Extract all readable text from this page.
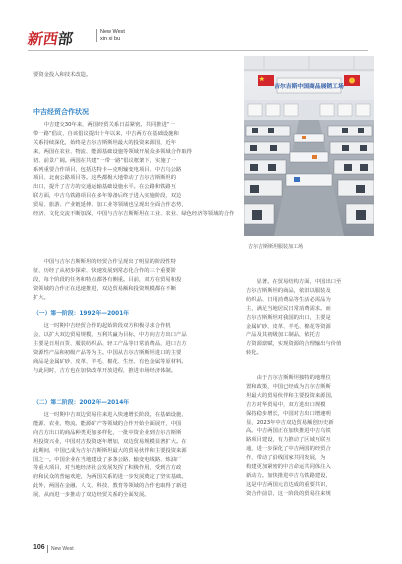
新西部	New West
xin xi bu
要资金投入和技术改造。
中吉经贸合作状况
　　中吉建交30年来，两国经贸关系日益紧密。共同推进“一
带一路”倡议，自该倡议提出十年以来，中吉两方在基础设施和
关系持续深化，始终是吉尔吉斯斯坦最大的投资来源国，近年
来，两国在农业、物流、能源基础设施等领域开展众多领域合作取得
切、前景广阔。两国在共建“一带一路”倡议框架下，实施了一
系列重要合作项目，包括达特卡—克明输变电项目、中吉乌公路
项目、北南公路项目等。这些都极大地带动了吉尔吉斯斯坦的
出口，提升了吉方的交通运输基础设施水平。在公路和铁路互
联方面，中吉乌铁路项目在多年筹备后终于进入实施阶段，双边
贸易、旅游、产业链延伸、加工业等领域也呈现出全面合作态势，
经济、文化交流不断加深，中国与吉尔吉斯斯坦在工业、农业、绿色经济等领域的合作
吉尔吉斯中国商品展销工场
吉尔吉斯斯坦服装加工场
　　中国与吉尔吉斯斯坦的经贸合作呈现出了明显的阶段性特
征，历经了从初步探索、快速发展到常态化合作的三个重要阶
段，每个阶段的任务和特点都各有侧重。目前，双方在贸易和投
资领域的合作正在迅速推进，双边贸易额和投资规模都在不断
扩大。
（一）第一阶段：1992年—2001年
　　这一时期中吉经贸合作的起始阶段双方积极寻求合作机
会，以扩大双边贸易规模，互利共赢为目标，中方向吉方出口产品
主要是日用百货、服装纺织品、轻工产品等日常消费品，进口吉方
资源性产品和初级产品等为主。中国从吉尔吉斯斯坦进口的主要
商品是金属矿砂、皮革、羊毛、棉花、生丝、有色金属等原材料。
与此同时，吉方也在加快改革开放进程，推进市场经济体制。
（二）第二阶段：2002年—2014年
　　这一时期中吉双边贸易往来进入快速增长阶段。在基础设施、
能源、农业、物流、能源矿产等领域的合作开始全面展开，中国
向吉方出口的商品种类更加多样化，一批中资企业到吉尔吉斯斯
坦投资兴业，中国对吉投资逐年增加，双边贸易规模显著扩大。在
此期间，中国已成为吉尔吉斯斯坦最大的贸易伙伴和主要投资来源
国之一。中国企业在当地建设了多条公路、输变电线路、炼油厂
等重大项目，对当地经济社会发展发挥了积极作用，受到吉方政
府和民众的普遍欢迎，为两国关系的进一步发展奠定了坚实基础。
此外，两国在金融、人文、科技、教育等领域的合作也取得了新进
展，从而进一步推动了双边经贸关系的全面发展。
　　显著。在贸易结构方面，中国出口至
吉尔吉斯斯坦的商品，依旧以服装及
纺织品、日用消费品等生活必需品为
主，满足当地居民日常消费需求。而
吉尔吉斯斯坦对我国的出口，主要是
金属矿砂、皮革、羊毛、棉花等资源
产品及其初级加工制品，依托吉
方资源禀赋，实现资源的合理输出与价值
转化。
　　由于吉尔吉斯斯坦独特的地理位
置和政策，中国已经成为吉尔吉斯斯
坦最大的贸易伙伴和主要投资来源国，
吉方对华贸易中，双方进出口规模
保持稳步增长，中国对吉出口增速明
显，2023年中吉双边贸易额创历史新
高。中吉两国正在加快推进中吉乌铁
路项目建设，有力推动了区域互联互
通，进一步深化了中吉两国的经贸合
作，带动了沿线国家共同发展，为
构建更加紧密的中吉命运共同体注入
新动力。加快推进中吉乌铁路建设，
这是中吉两国元首达成的重要共识，
资合作前景，这一阶段的贸易往来规
106 New West
